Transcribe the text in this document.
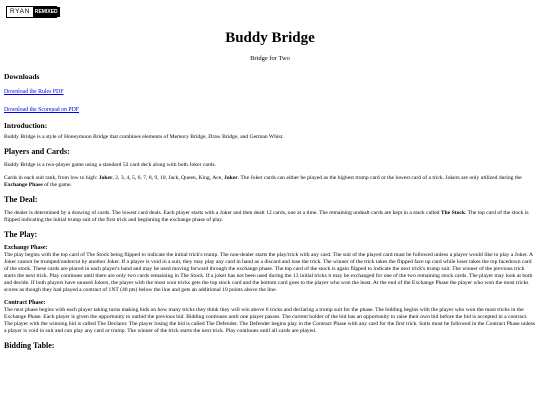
RYAN	REMIXED
Buddy Bridge
Bridge for Two
Downloads
Download the Rules PDF
Download the Scorepad on PDF
Introduction:

Buddy Bridge is a style of Honeymoon Bridge that combines elements of Memory Bridge, Draw Bridge, and German Whist.

Players and Cards:

Buddy Bridge is a two-player game using a standard 52 card deck along with both Joker cards.

Cards in each suit rank, from low to high: Joker, 2, 3, 4, 5, 6, 7, 8, 9, 10, Jack, Queen, King, Ace, Joker. The Joker cards can either be played as the highest trump card or the lowest card of a trick. Jokers are only utilized during the Exchange Phase of the game.

The Deal:

The dealer is determined by a drawing of cards. The lowest card deals. Each player starts with a Joker and then dealt 12 cards, one at a time. The remaining undealt cards are kept in a stack called The Stock. The top card of the stock is flipped indicating the initial trump suit of the first trick and beginning the exchange phase of play.

The Play:
Exchange Phase:

The play begins with the top card of The Stock being flipped to indicate the initial trick's trump. The non-dealer starts the play/trick with any card. The suit of the played card must be followed unless a player would like to play a Joker. A Joker cannot be trumped/undercut by another Joker. If a player is void in a suit, they may play any card in hand as a discard and lose the trick. The winner of the trick takes the flipped face up card while loser takes the top facedown card of the stock. These cards are placed in each player's hand and may be used moving forward through the exchange phase. The top card of the stock is again flipped to indicate the next trick's trump suit. The winner of the previous trick starts the next trick. Play continues until there are only two cards remaining in The Stock. If a joker has not been used during the 13 initial tricks it may be exchanged for one of the two remaining stock cards. The player may look at both and decide. If both players have unused Jokers, the player with the most won tricks gets the top stock card and the bottom card goes to the player who won the least. At the end of the Exchange Phase the player who won the most tricks scores as though they had played a contract of 1NT (40 pts) below the line and gets an additional 10 points above the line.

Contract Phase:

The next phase begins with each player taking turns making bids on how many tricks they think they will win above 6 tricks and declaring a trump suit for the phase. The bidding begins with the player who won the most tricks in the Exchange Phase. Each player is given the opportunity to outbid the previous bid. Bidding continues until one player passes. The current holder of the bid has an opportunity to raise their own bid before the bid is accepted in a contract. The player with the winning bid is called The Declarer. The player losing the bid is called The Defender. The Defender begins play in the Contract Phase with any card for the first trick. Suits must be followed in the Contract Phase unless a player is void in suit and can play any card or trump. The winner of the trick starts the next trick. Play continues until all cards are played.

Bidding Table:
